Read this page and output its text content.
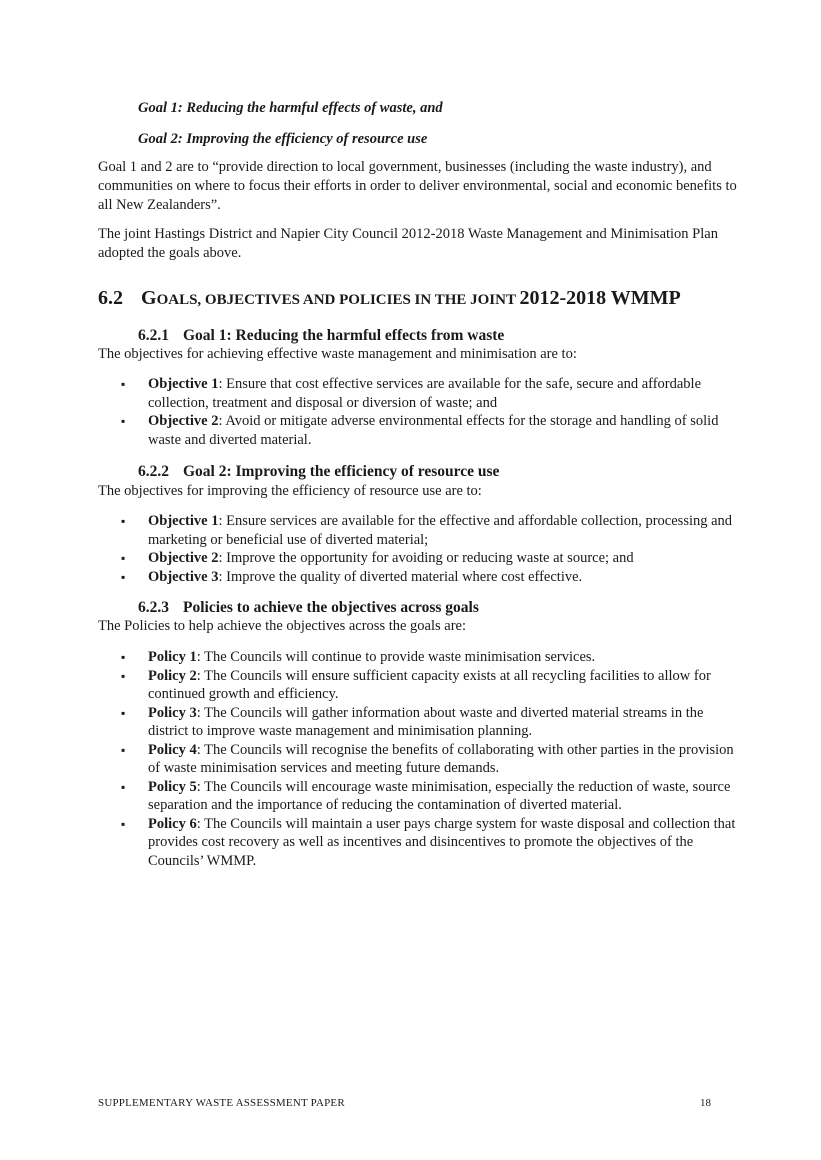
Goal 1: Reducing the harmful effects of waste, and
Goal 2: Improving the efficiency of resource use

Goal 1 and 2 are to “provide direction to local government, businesses (including the waste industry), and communities on where to focus their efforts in order to deliver environmental, social and economic benefits to all New Zealanders”.

The joint Hastings District and Napier City Council 2012-2018 Waste Management and Minimisation Plan adopted the goals above.

6.2 GOALS, OBJECTIVES AND POLICIES IN THE JOINT 2012-2018 WMMP
6.2.1 Goal 1: Reducing the harmful effects from waste
The objectives for achieving effective waste management and minimisation are to:
▪ Objective 1: Ensure that cost effective services are available for the safe, secure and affordable collection, treatment and disposal or diversion of waste; and
▪ Objective 2: Avoid or mitigate adverse environmental effects for the storage and handling of solid waste and diverted material.
6.2.2 Goal 2: Improving the efficiency of resource use
The objectives for improving the efficiency of resource use are to:
▪ Objective 1: Ensure services are available for the effective and affordable collection, processing and marketing or beneficial use of diverted material;
▪ Objective 2: Improve the opportunity for avoiding or reducing waste at source; and
▪ Objective 3: Improve the quality of diverted material where cost effective.
6.2.3 Policies to achieve the objectives across goals
The Policies to help achieve the objectives across the goals are:
▪ Policy 1: The Councils will continue to provide waste minimisation services.
▪ Policy 2: The Councils will ensure sufficient capacity exists at all recycling facilities to allow for continued growth and efficiency.
▪ Policy 3: The Councils will gather information about waste and diverted material streams in the district to improve waste management and minimisation planning.
▪ Policy 4: The Councils will recognise the benefits of collaborating with other parties in the provision of waste minimisation services and meeting future demands.
▪ Policy 5: The Councils will encourage waste minimisation, especially the reduction of waste, source separation and the importance of reducing the contamination of diverted material.
▪ Policy 6: The Councils will maintain a user pays charge system for waste disposal and collection that provides cost recovery as well as incentives and disincentives to promote the objectives of the Councils’ WMMP.
SUPPLEMENTARY WASTE ASSESSMENT PAPER	18
